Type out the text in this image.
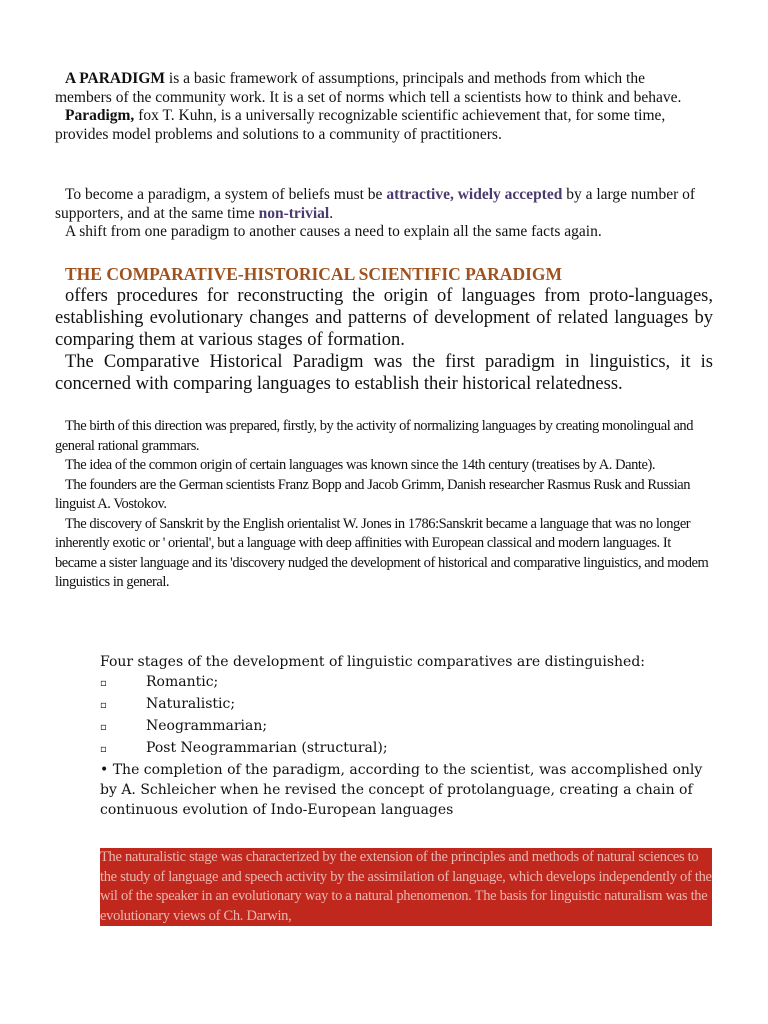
A PARADIGM is a basic framework of assumptions, principals and methods from which the members of the community work. It is a set of norms which tell a scientists how to think and behave.

Paradigm, fox T. Kuhn, is a universally recognizable scientific achievement that, for some time, provides model problems and solutions to a community of practitioners.

To become a paradigm, a system of beliefs must be attractive, widely accepted by a large number of supporters, and at the same time non-trivial.

A shift from one paradigm to another causes a need to explain all the same facts again.

THE COMPARATIVE-HISTORICAL SCIENTIFIC PARADIGM

offers procedures for reconstructing the origin of languages from proto-languages, establishing evolutionary changes and patterns of development of related languages by comparing them at various stages of formation.

The Comparative Historical Paradigm was the first paradigm in linguistics, it is concerned with comparing languages to establish their historical relatedness.

The birth of this direction was prepared, firstly, by the activity of normalizing languages by creating monolingual and general rational grammars.

The idea of the common origin of certain languages was known since the 14th century (treatises by A. Dante).

The founders are the German scientists Franz Bopp and Jacob Grimm, Danish researcher Rasmus Rusk and Russian linguist A. Vostokov.

The discovery of Sanskrit by the English orientalist W. Jones in 1786:Sanskrit became a language that was no longer inherently exotic or ' oriental', but a language with deep affinities with European classical and modern languages. It became a sister language and its 'discovery nudged the development of historical and comparative linguistics, and modem linguistics in general.

Four stages of the development of linguistic comparatives are distinguished:

▫	Romantic;
▫	Naturalistic;
▫	Neogrammarian;
▫	Post Neogrammarian (structural);

• The completion of the paradigm, according to the scientist, was accomplished only by A. Schleicher when he revised the concept of protolanguage, creating a chain of continuous evolution of Indo-European languages

The naturalistic stage was characterized by the extension of the principles and methods of natural sciences to the study of language and speech activity by the assimilation of language, which develops independently of the wil of the speaker in an evolutionary way to a natural phenomenon. The basis for linguistic naturalism was the evolutionary views of Ch. Darwin,
